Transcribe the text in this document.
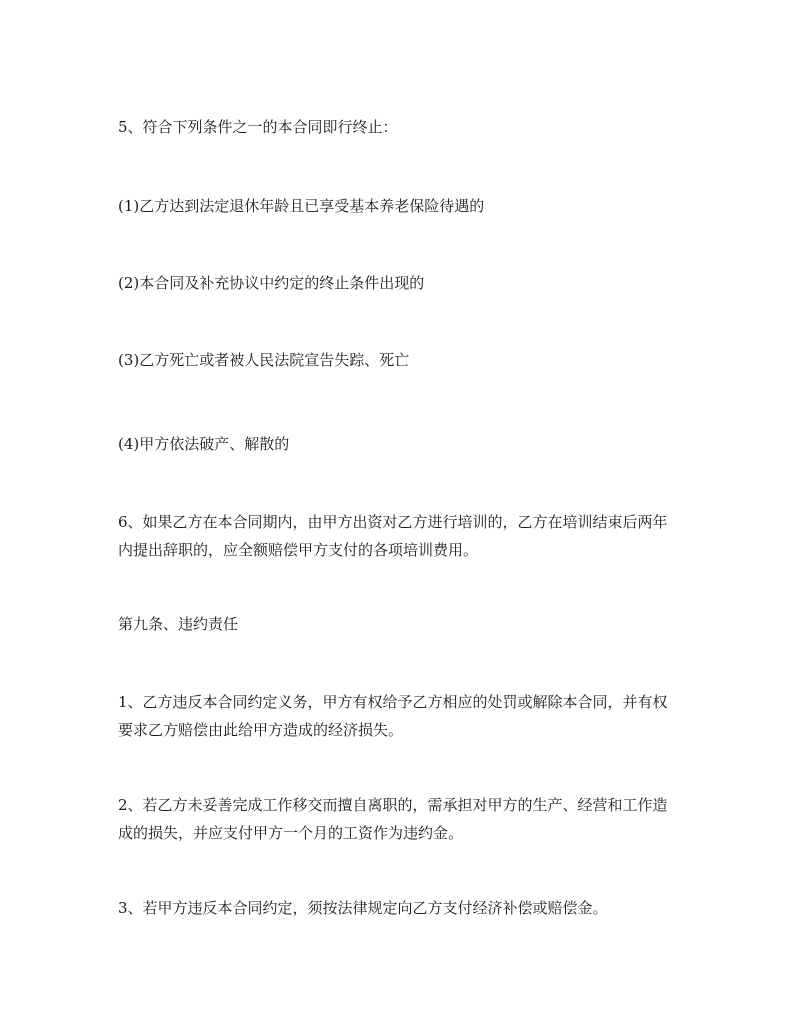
5、符合下列条件之一的本合同即行终止：

(1)乙方达到法定退休年龄且已享受基本养老保险待遇的

(2)本合同及补充协议中约定的终止条件出现的

(3)乙方死亡或者被人民法院宣告失踪、死亡

(4)甲方依法破产、解散的

6、如果乙方在本合同期内，由甲方出资对乙方进行培训的，乙方在培训结束后两年内提出辞职的，应全额赔偿甲方支付的各项培训费用。

第九条、违约责任

1、乙方违反本合同约定义务，甲方有权给予乙方相应的处罚或解除本合同，并有权要求乙方赔偿由此给甲方造成的经济损失。

2、若乙方未妥善完成工作移交而擅自离职的，需承担对甲方的生产、经营和工作造成的损失，并应支付甲方一个月的工资作为违约金。

3、若甲方违反本合同约定，须按法律规定向乙方支付经济补偿或赔偿金。
